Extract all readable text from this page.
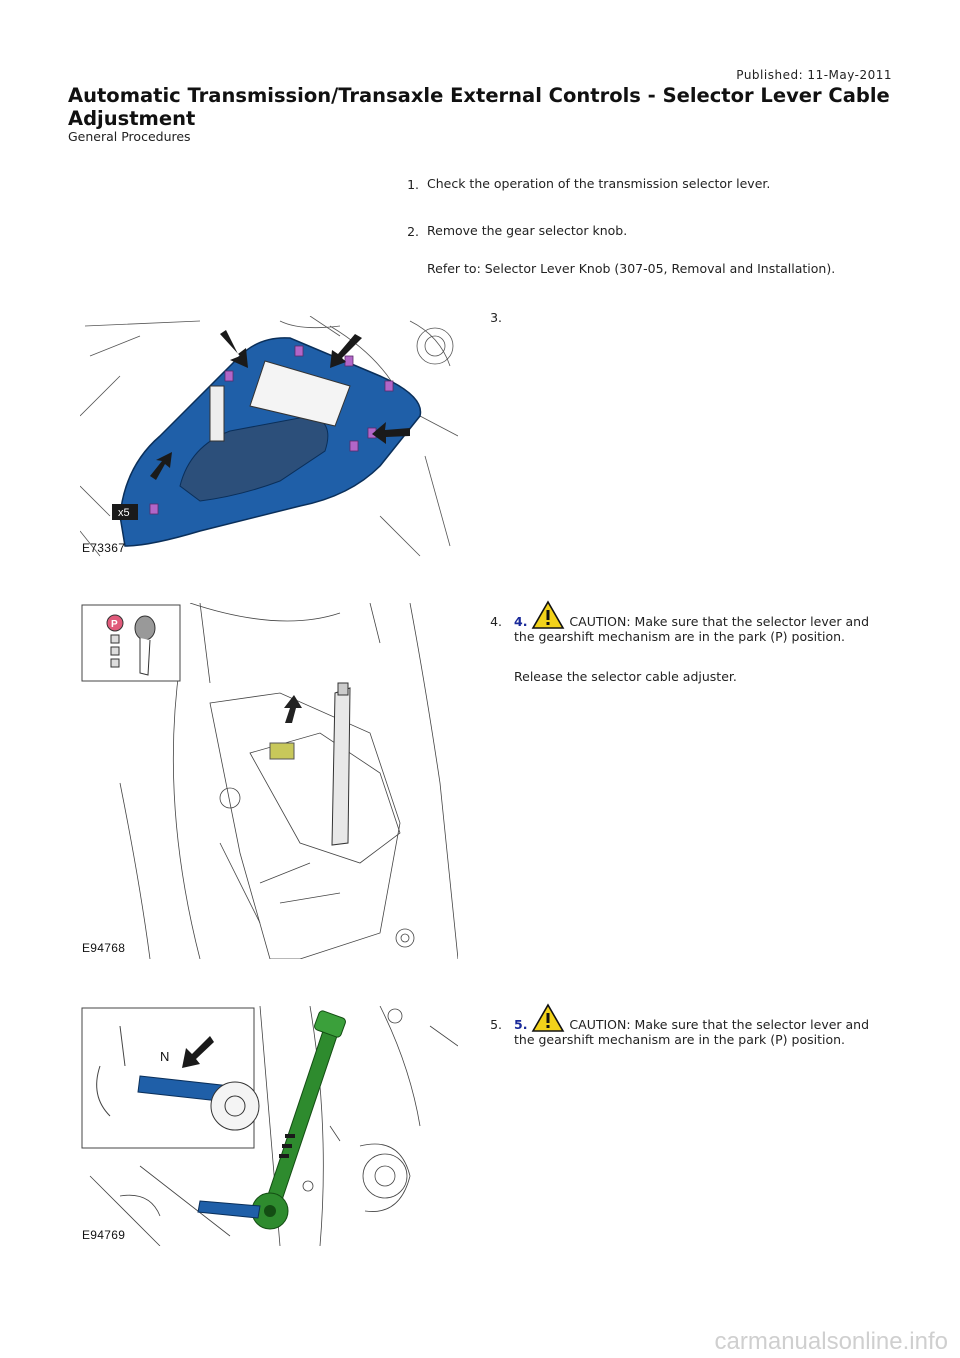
Published: 11-May-2011
Automatic Transmission/Transaxle External Controls - Selector Lever Cable Adjustment
General Procedures
1. Check the operation of the transmission selector lever.
2. Remove the gear selector knob.
Refer to: Selector Lever Knob (307-05, Removal and Installation).
3.
x5
E73367
4. 4.	CAUTION: Make sure that the selector lever and the gearshift mechanism are in the park (P) position.
Release the selector cable adjuster.
P
E94768
5. 5.	CAUTION: Make sure that the selector lever and the gearshift mechanism are in the park (P) position.
N
E94769
carmanualsonline.info
